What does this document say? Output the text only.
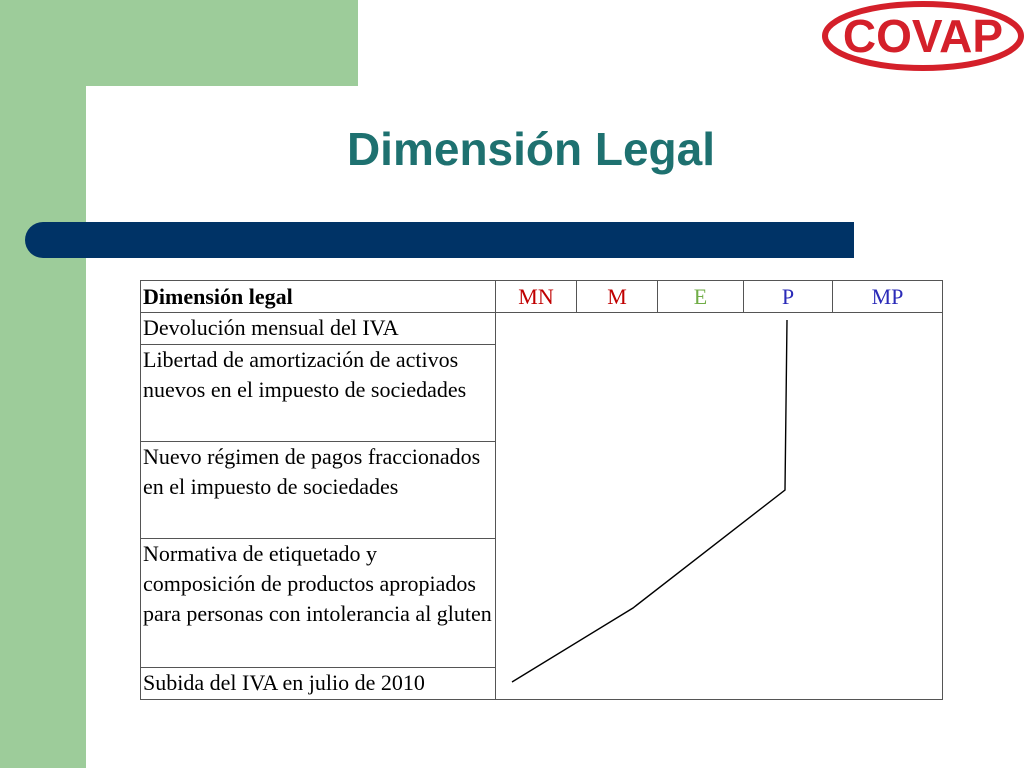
COVAP
Dimensión Legal
Dimensión legal	MN	M	E	P	MP
Devolución mensual del IVA					
Libertad de amortización de activos nuevos en el impuesto de sociedades					
Nuevo régimen de pagos fraccionados en el impuesto de sociedades					
Normativa de etiquetado y composición de productos apropiados para personas con intolerancia al gluten					
Subida del IVA en julio de 2010					
